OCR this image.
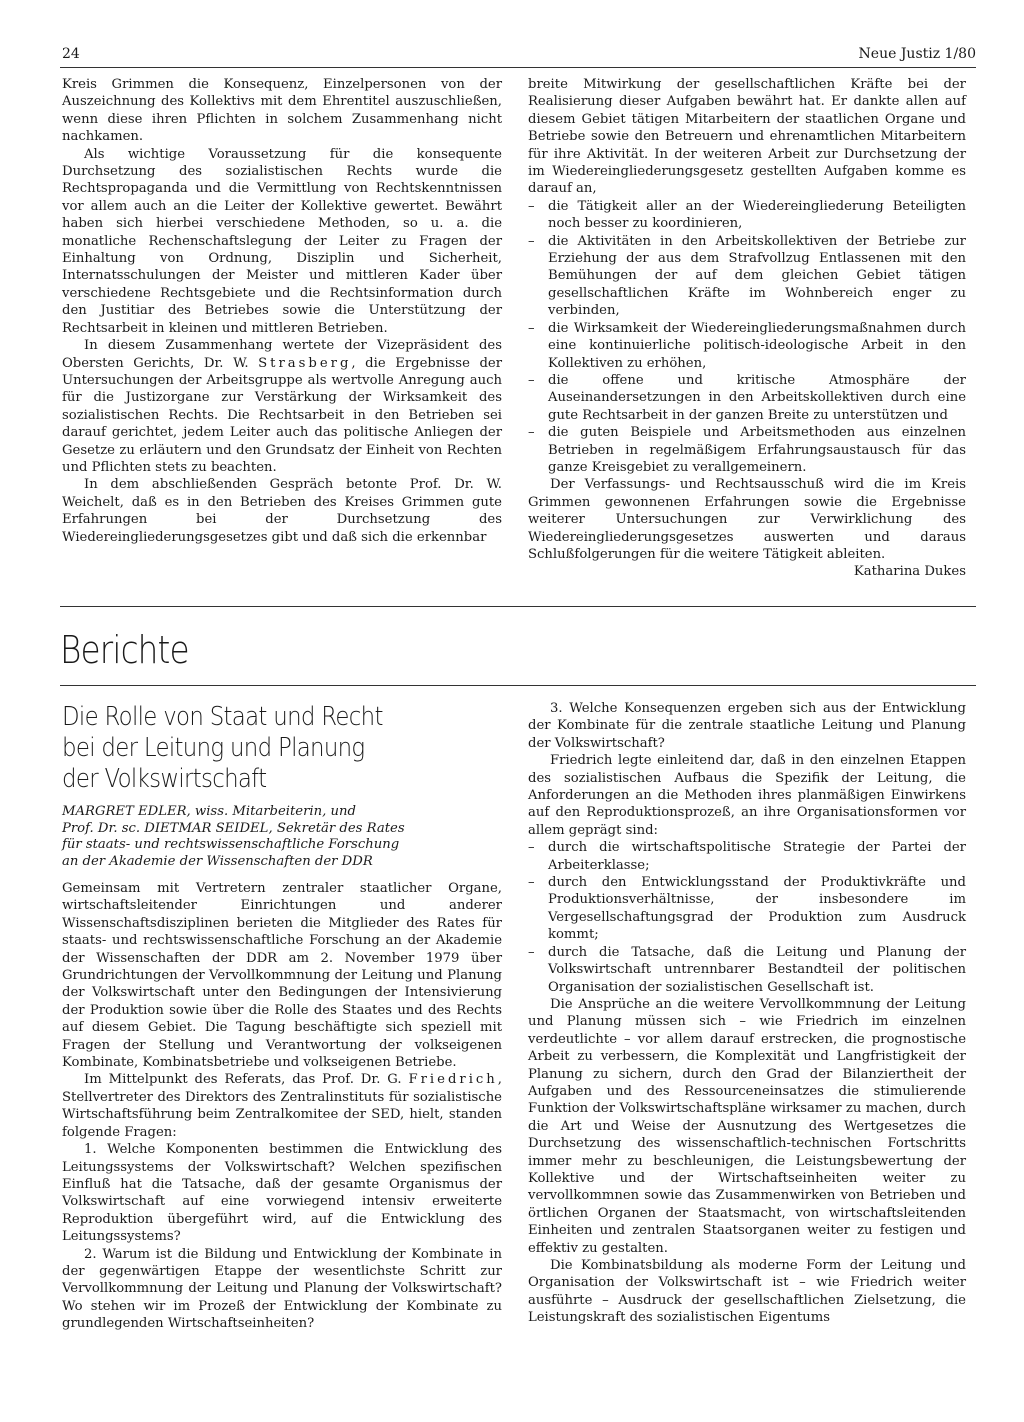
24	Neue Justiz 1/80

Kreis Grimmen die Konsequenz, Einzelpersonen von der Auszeichnung des Kollektivs mit dem Ehrentitel auszuschließen, wenn diese ihren Pflichten in solchem Zusammenhang nicht nachkamen.

Als wichtige Voraussetzung für die konsequente Durchsetzung des sozialistischen Rechts wurde die Rechtspropaganda und die Vermittlung von Rechtskenntnissen vor allem auch an die Leiter der Kollektive gewertet. Bewährt haben sich hierbei verschiedene Methoden, so u. a. die monatliche Rechenschaftslegung der Leiter zu Fragen der Einhaltung von Ordnung, Disziplin und Sicherheit, Internatsschulungen der Meister und mittleren Kader über verschiedene Rechtsgebiete und die Rechtsinformation durch den Justitiar des Betriebes sowie die Unterstützung der Rechtsarbeit in kleinen und mittleren Betrieben.

In diesem Zusammenhang wertete der Vizepräsident des Obersten Gerichts, Dr. W. Strasberg, die Ergebnisse der Untersuchungen der Arbeitsgruppe als wertvolle Anregung auch für die Justizorgane zur Verstärkung der Wirksamkeit des sozialistischen Rechts. Die Rechtsarbeit in den Betrieben sei darauf gerichtet, jedem Leiter auch das politische Anliegen der Gesetze zu erläutern und den Grundsatz der Einheit von Rechten und Pflichten stets zu beachten.

In dem abschließenden Gespräch betonte Prof. Dr. W. Weichelt, daß es in den Betrieben des Kreises Grimmen gute Erfahrungen bei der Durchsetzung des Wiedereingliederungsgesetzes gibt und daß sich die erkennbar

breite Mitwirkung der gesellschaftlichen Kräfte bei der Realisierung dieser Aufgaben bewährt hat. Er dankte allen auf diesem Gebiet tätigen Mitarbeitern der staatlichen Organe und Betriebe sowie den Betreuern und ehrenamtlichen Mitarbeitern für ihre Aktivität. In der weiteren Arbeit zur Durchsetzung der im Wiedereingliederungsgesetz gestellten Aufgaben komme es darauf an,

– die Tätigkeit aller an der Wiedereingliederung Beteiligten noch besser zu koordinieren,
– die Aktivitäten in den Arbeitskollektiven der Betriebe zur Erziehung der aus dem Strafvollzug Entlassenen mit den Bemühungen der auf dem gleichen Gebiet tätigen gesellschaftlichen Kräfte im Wohnbereich enger zu verbinden,
– die Wirksamkeit der Wiedereingliederungsmaßnahmen durch eine kontinuierliche politisch-ideologische Arbeit in den Kollektiven zu erhöhen,
– die offene und kritische Atmosphäre der Auseinandersetzungen in den Arbeitskollektiven durch eine gute Rechtsarbeit in der ganzen Breite zu unterstützen und
– die guten Beispiele und Arbeitsmethoden aus einzelnen Betrieben in regelmäßigem Erfahrungsaustausch für das ganze Kreisgebiet zu verallgemeinern.

Der Verfassungs- und Rechtsausschuß wird die im Kreis Grimmen gewonnenen Erfahrungen sowie die Ergebnisse weiterer Untersuchungen zur Verwirklichung des Wiedereingliederungsgesetzes auswerten und daraus Schlußfolgerungen für die weitere Tätigkeit ableiten.

Katharina Dukes

Berichte
Die Rolle von Staat und Recht
bei der Leitung und Planung
der Volkswirtschaft

MARGRET EDLER, wiss. Mitarbeiterin, und

Prof. Dr. sc. DIETMAR SEIDEL, Sekretär des Rates

für staats- und rechtswissenschaftliche Forschung

an der Akademie der Wissenschaften der DDR

Gemeinsam mit Vertretern zentraler staatlicher Organe, wirtschaftsleitender Einrichtungen und anderer Wissenschaftsdisziplinen berieten die Mitglieder des Rates für staats- und rechtswissenschaftliche Forschung an der Akademie der Wissenschaften der DDR am 2. November 1979 über Grundrichtungen der Vervollkommnung der Leitung und Planung der Volkswirtschaft unter den Bedingungen der Intensivierung der Produktion sowie über die Rolle des Staates und des Rechts auf diesem Gebiet. Die Tagung beschäftigte sich speziell mit Fragen der Stellung und Verantwortung der volkseigenen Kombinate, Kombinatsbetriebe und volkseigenen Betriebe.

Im Mittelpunkt des Referats, das Prof. Dr. G. Friedrich, Stellvertreter des Direktors des Zentralinstituts für sozialistische Wirtschaftsführung beim Zentralkomitee der SED, hielt, standen folgende Fragen:

1. Welche Komponenten bestimmen die Entwicklung des Leitungssystems der Volkswirtschaft? Welchen spezifischen Einfluß hat die Tatsache, daß der gesamte Organismus der Volkswirtschaft auf eine vorwiegend intensiv erweiterte Reproduktion übergeführt wird, auf die Entwicklung des Leitungssystems?

2. Warum ist die Bildung und Entwicklung der Kombinate in der gegenwärtigen Etappe der wesentlichste Schritt zur Vervollkommnung der Leitung und Planung der Volkswirtschaft? Wo stehen wir im Prozeß der Entwicklung der Kombinate zu grundlegenden Wirtschaftseinheiten?

3. Welche Konsequenzen ergeben sich aus der Entwicklung der Kombinate für die zentrale staatliche Leitung und Planung der Volkswirtschaft?

Friedrich legte einleitend dar, daß in den einzelnen Etappen des sozialistischen Aufbaus die Spezifik der Leitung, die Anforderungen an die Methoden ihres planmäßigen Einwirkens auf den Reproduktionsprozeß, an ihre Organisationsformen vor allem geprägt sind:

– durch die wirtschaftspolitische Strategie der Partei der Arbeiterklasse;
– durch den Entwicklungsstand der Produktivkräfte und Produktionsverhältnisse, der insbesondere im Vergesellschaftungsgrad der Produktion zum Ausdruck kommt;
– durch die Tatsache, daß die Leitung und Planung der Volkswirtschaft untrennbarer Bestandteil der politischen Organisation der sozialistischen Gesellschaft ist.

Die Ansprüche an die weitere Vervollkommnung der Leitung und Planung müssen sich – wie Friedrich im einzelnen verdeutlichte – vor allem darauf erstrecken, die prognostische Arbeit zu verbessern, die Komplexität und Langfristigkeit der Planung zu sichern, durch den Grad der Bilanziertheit der Aufgaben und des Ressourceneinsatzes die stimulierende Funktion der Volkswirtschaftspläne wirksamer zu machen, durch die Art und Weise der Ausnutzung des Wertgesetzes die Durchsetzung des wissenschaftlich-technischen Fortschritts immer mehr zu beschleunigen, die Leistungsbewertung der Kollektive und der Wirtschaftseinheiten weiter zu vervollkommnen sowie das Zusammenwirken von Betrieben und örtlichen Organen der Staatsmacht, von wirtschaftsleitenden Einheiten und zentralen Staatsorganen weiter zu festigen und effektiv zu gestalten.

Die Kombinatsbildung als moderne Form der Leitung und Organisation der Volkswirtschaft ist – wie Friedrich weiter ausführte – Ausdruck der gesellschaftlichen Zielsetzung, die Leistungskraft des sozialistischen Eigentums
